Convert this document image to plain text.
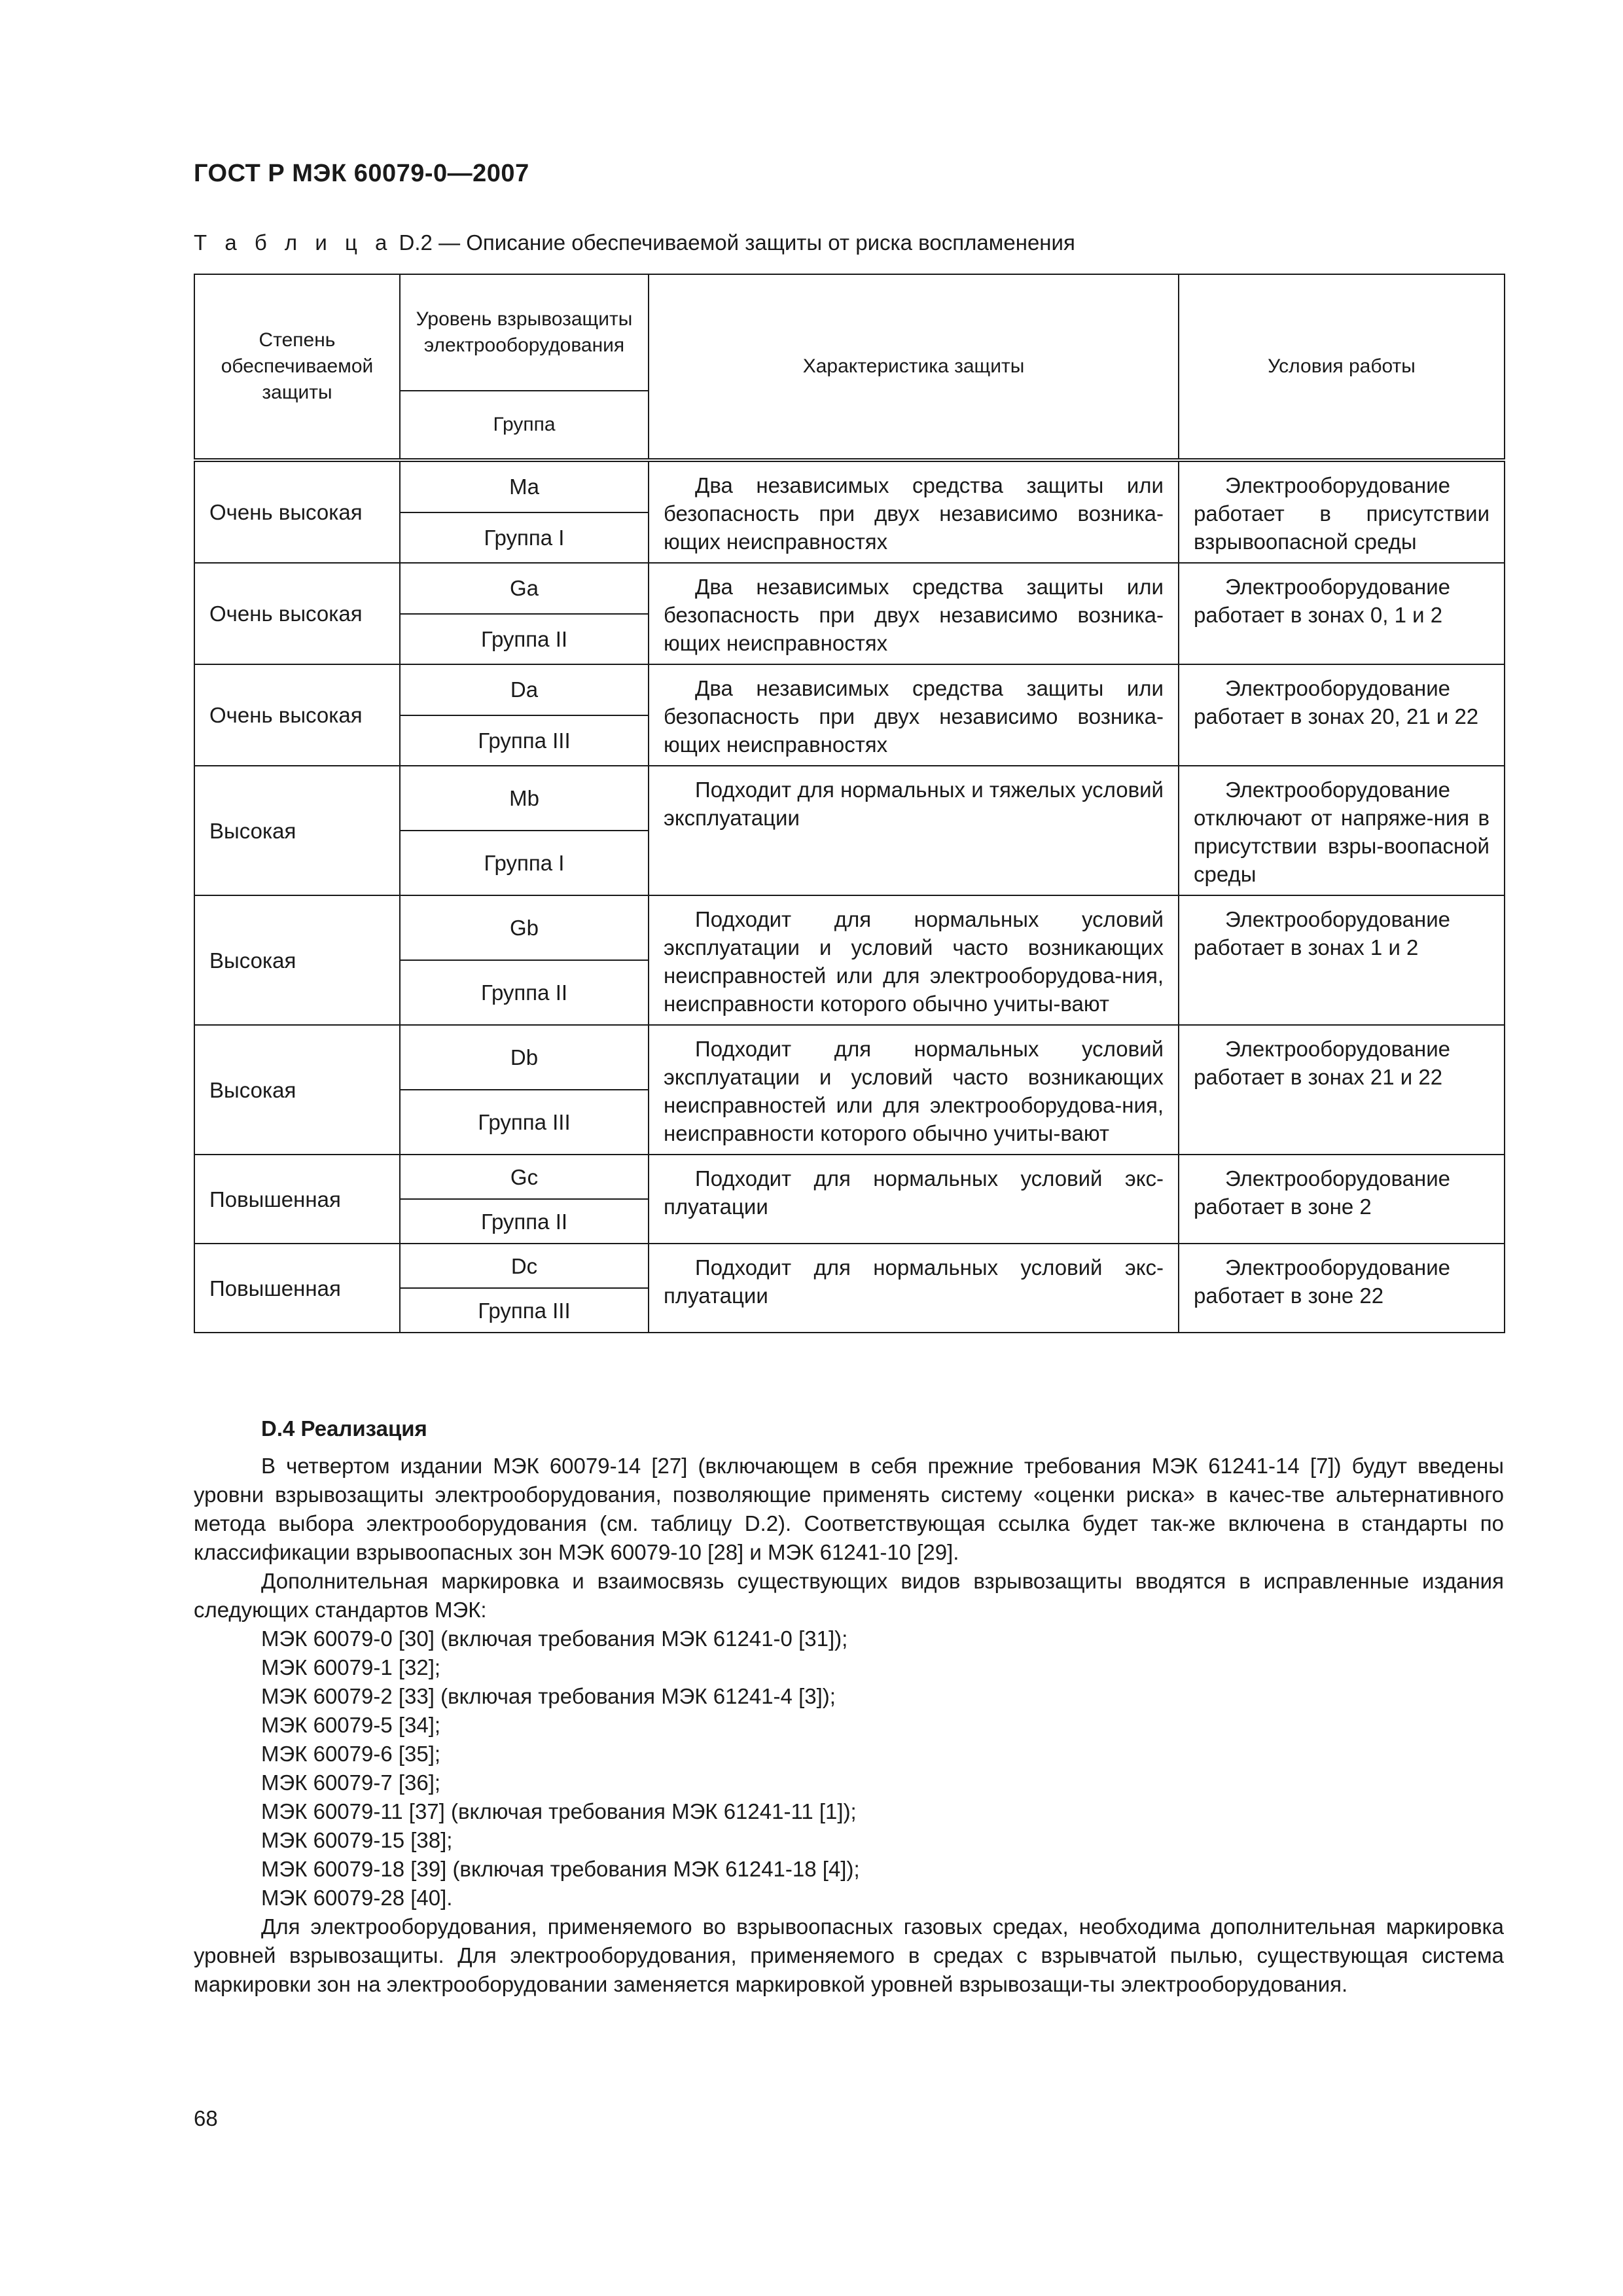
ГОСТ Р МЭК 60079-0—2007
Т а б л и ц а D.2 — Описание обеспечиваемой защиты от риска воспламенения
Степень обеспечиваемой защиты	Уровень взрывозащиты электрооборудования	Характеристика защиты	Условия работы
	Группа		
Очень высокая	Ma	Два независимых средства защиты или безопасность при двух независимо возника-ющих неисправностях	Электрооборудование работает в присутствии взрывоопасной среды
	Группа I		
Очень высокая	Ga	Два независимых средства защиты или безопасность при двух независимо возника-ющих неисправностях	Электрооборудование работает в зонах 0, 1 и 2
	Группа II		
Очень высокая	Da	Два независимых средства защиты или безопасность при двух независимо возника-ющих неисправностях	Электрооборудование работает в зонах 20, 21 и 22
	Группа III		
Высокая	Mb	Подходит для нормальных и тяжелых условий эксплуатации	Электрооборудование отключают от напряже-ния в присутствии взры-воопасной среды
	Группа I		
Высокая	Gb	Подходит для нормальных условий эксплуатации и условий часто возникающих неисправностей или для электрооборудова-ния, неисправности которого обычно учиты-вают	Электрооборудование работает в зонах 1 и 2
	Группа II		
Высокая	Db	Подходит для нормальных условий эксплуатации и условий часто возникающих неисправностей или для электрооборудова-ния, неисправности которого обычно учиты-вают	Электрооборудование работает в зонах 21 и 22
	Группа III		
Повышенная	Gc	Подходит для нормальных условий экс-плуатации	Электрооборудование работает в зоне 2
	Группа II		
Повышенная	Dc	Подходит для нормальных условий экс-плуатации	Электрооборудование работает в зоне 22
	Группа III		
D.4 Реализация

В четвертом издании МЭК 60079-14 [27] (включающем в себя прежние требования МЭК 61241-14 [7]) будут введены уровни взрывозащиты электрооборудования, позволяющие применять систему «оценки риска» в качес-тве альтернативного метода выбора электрооборудования (см. таблицу D.2). Соответствующая ссылка будет так-же включена в стандарты по классификации взрывоопасных зон МЭК 60079-10 [28] и МЭК 61241-10 [29].

Дополнительная маркировка и взаимосвязь существующих видов взрывозащиты вводятся в исправленные издания следующих стандартов МЭК:

МЭК 60079-0 [30] (включая требования МЭК 61241-0 [31]);
МЭК 60079-1 [32];
МЭК 60079-2 [33] (включая требования МЭК 61241-4 [3]);
МЭК 60079-5 [34];
МЭК 60079-6 [35];
МЭК 60079-7 [36];
МЭК 60079-11 [37] (включая требования МЭК 61241-11 [1]);
МЭК 60079-15 [38];
МЭК 60079-18 [39] (включая требования МЭК 61241-18 [4]);
МЭК 60079-28 [40].

Для электрооборудования, применяемого во взрывоопасных газовых средах, необходима дополнительная маркировка уровней взрывозащиты. Для электрооборудования, применяемого в средах с взрывчатой пылью, существующая система маркировки зон на электрооборудовании заменяется маркировкой уровней взрывозащи-ты электрооборудования.

68
